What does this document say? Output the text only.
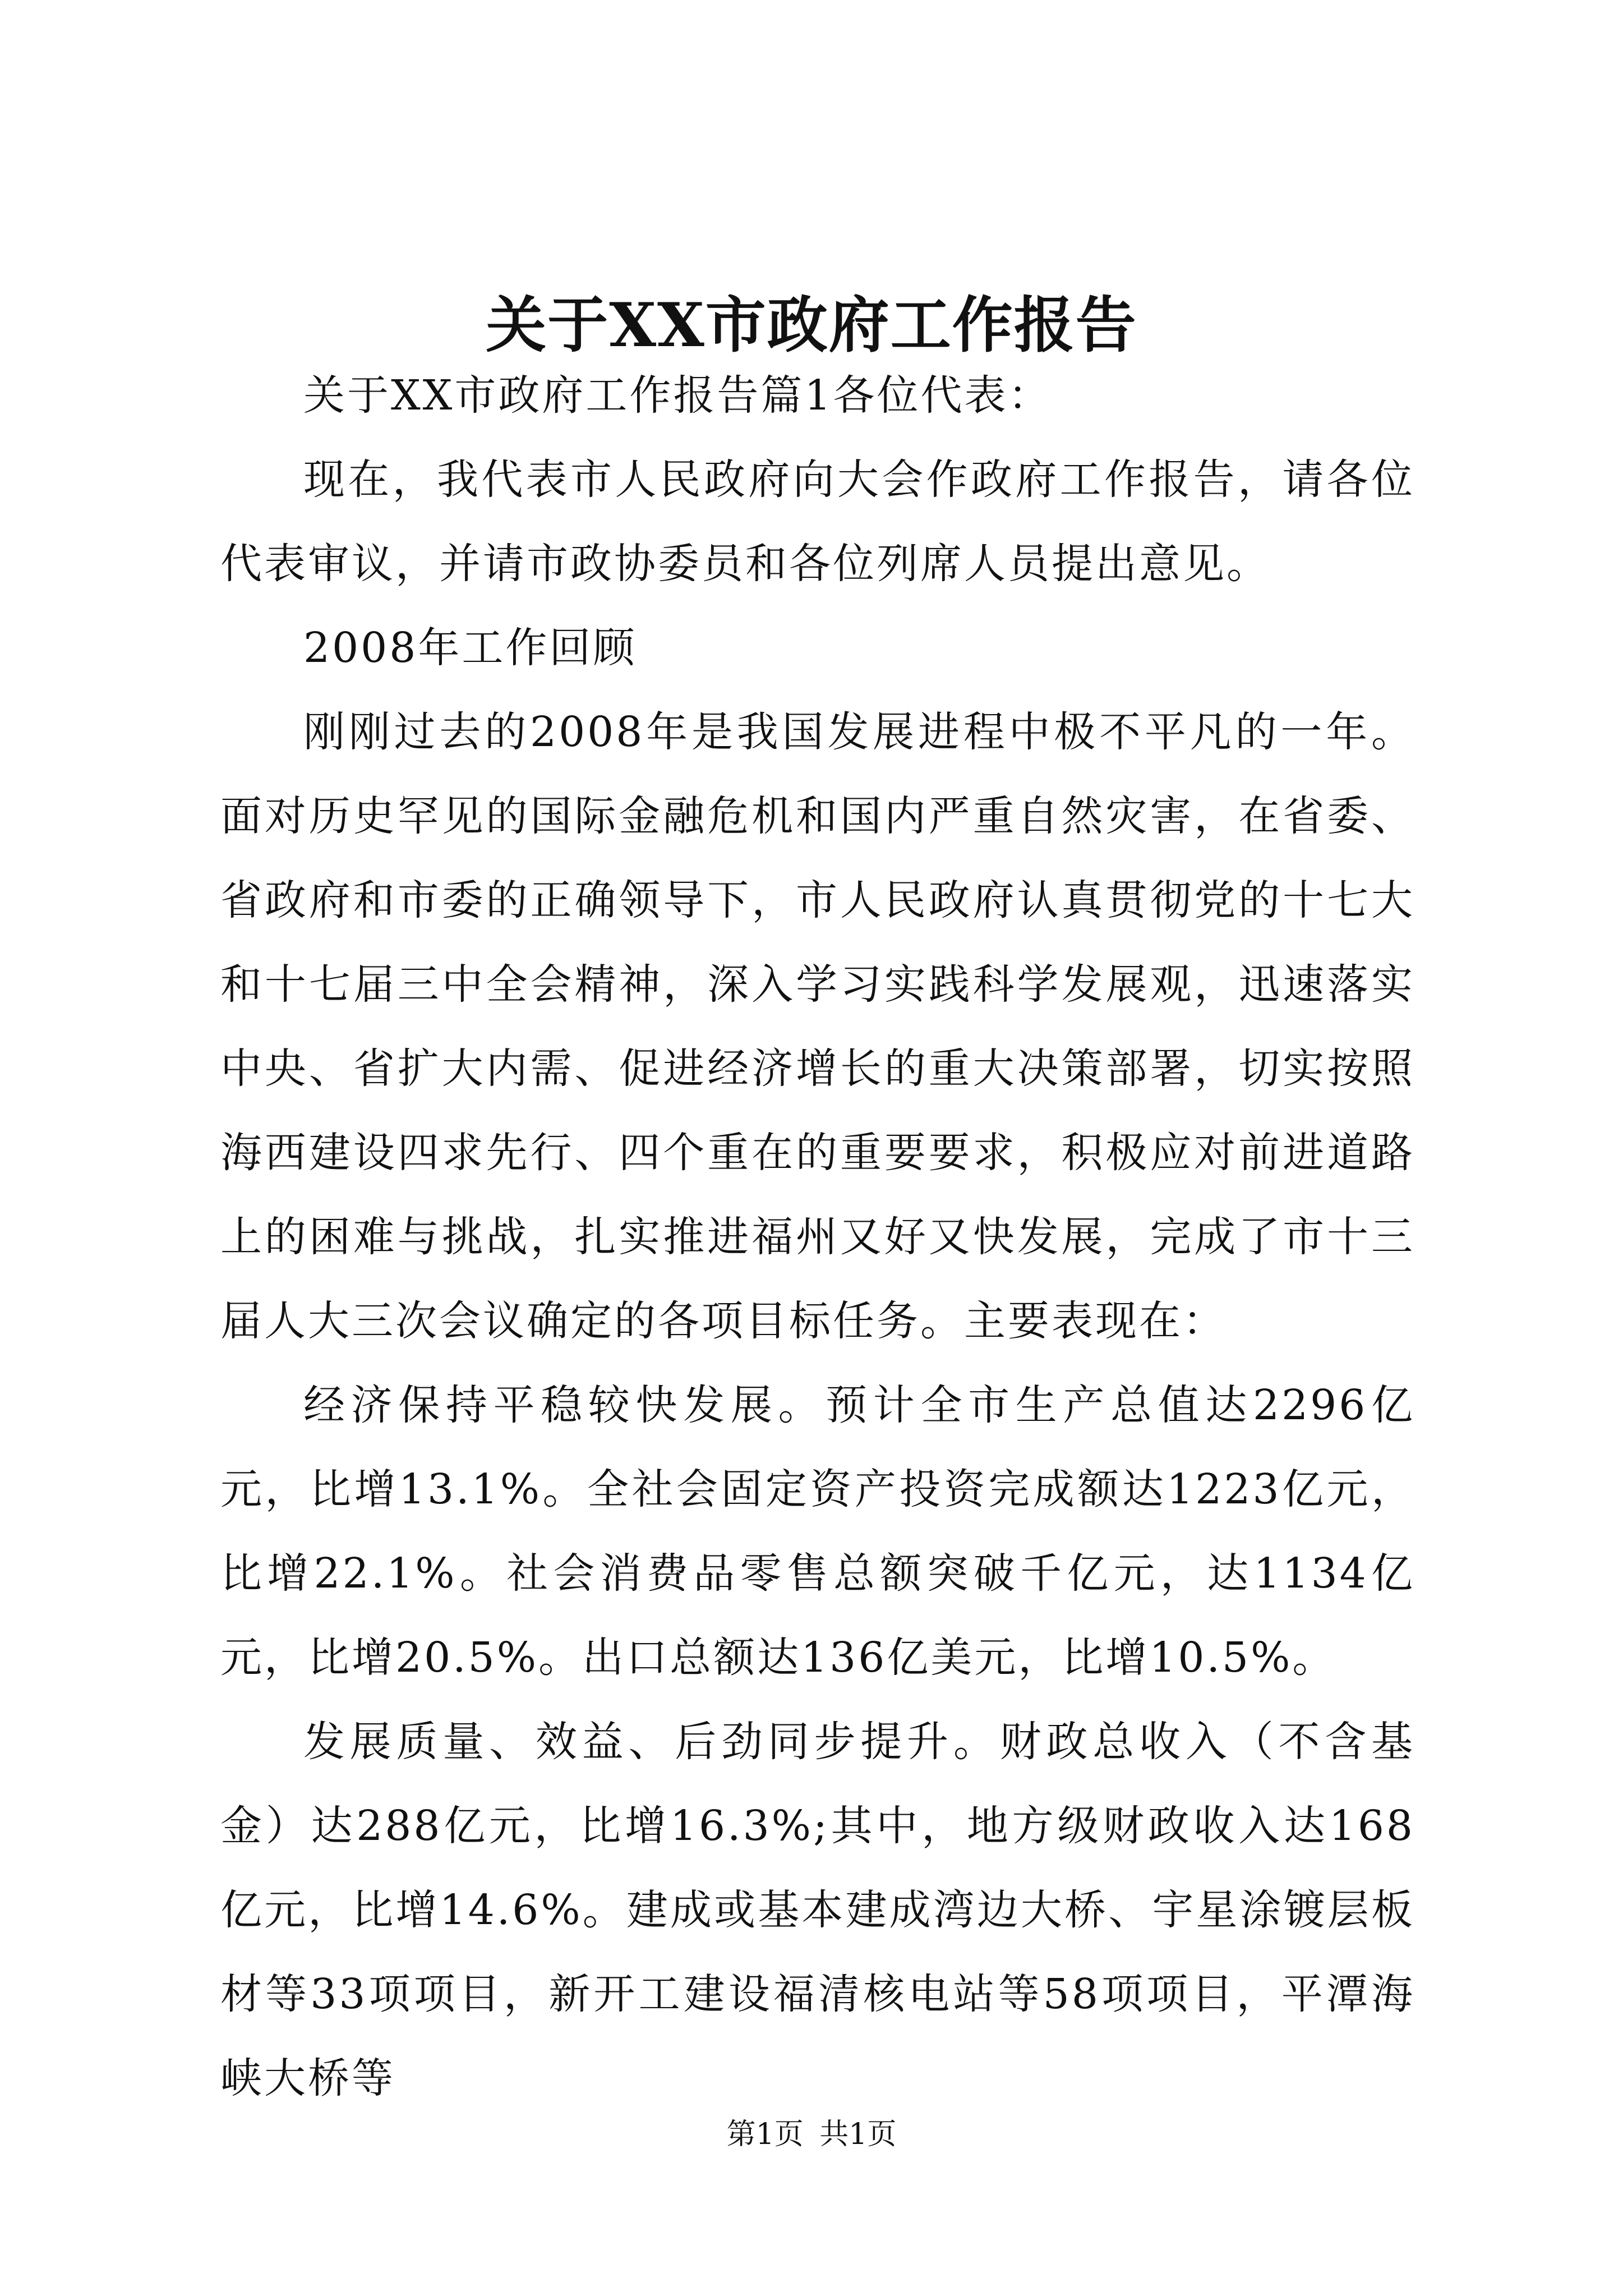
关于XX市政府工作报告

关于XX市政府工作报告篇1各位代表：

现在，我代表市人民政府向大会作政府工作报告，请各位代表审议，并请市政协委员和各位列席人员提出意见。

2008年工作回顾

刚刚过去的2008年是我国发展进程中极不平凡的一年。面对历史罕见的国际金融危机和国内严重自然灾害，在省委、省政府和市委的正确领导下，市人民政府认真贯彻党的十七大和十七届三中全会精神，深入学习实践科学发展观，迅速落实中央、省扩大内需、促进经济增长的重大决策部署，切实按照海西建设四求先行、四个重在的重要要求，积极应对前进道路上的困难与挑战，扎实推进福州又好又快发展，完成了市十三届人大三次会议确定的各项目标任务。主要表现在：

经济保持平稳较快发展。预计全市生产总值达2296亿元，比增13.1%。全社会固定资产投资完成额达1223亿元，比增22.1%。社会消费品零售总额突破千亿元，达1134亿元，比增20.5%。出口总额达136亿美元，比增10.5%。

发展质量、效益、后劲同步提升。财政总收入（不含基金）达288亿元，比增16.3%;其中，地方级财政收入达168亿元，比增14.6%。建成或基本建成湾边大桥、宇星涂镀层板材等33项项目，新开工建设福清核电站等58项项目，平潭海峡大桥等

第1页 共1页
